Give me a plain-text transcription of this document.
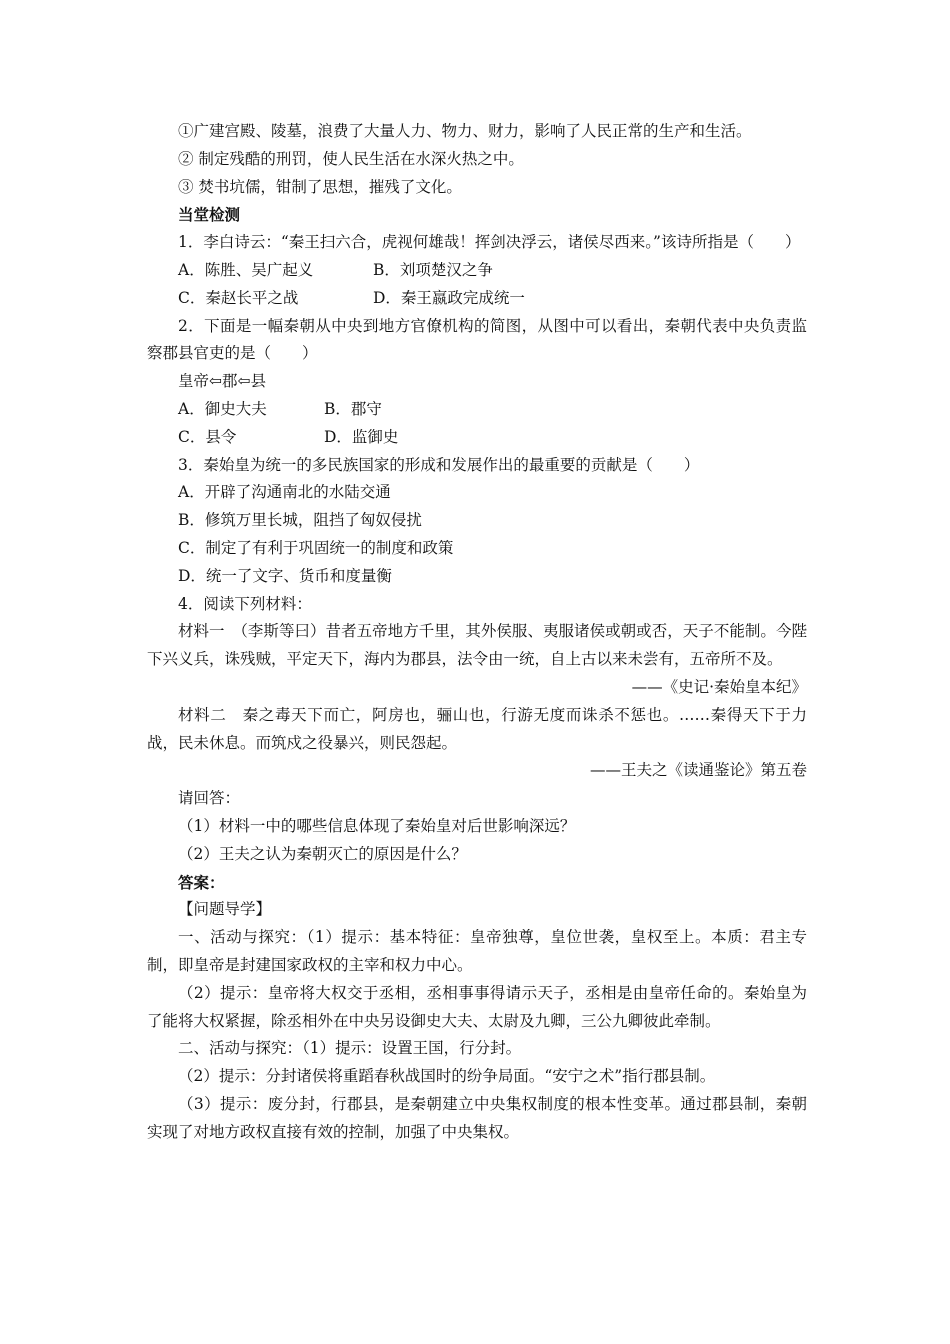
①广建宫殿、陵墓，浪费了大量人力、物力、财力，影响了人民正常的生产和生活。

② 制定残酷的刑罚，使人民生活在水深火热之中。

③ 焚书坑儒，钳制了思想，摧残了文化。

当堂检测

1．李白诗云：“秦王扫六合，虎视何雄哉！挥剑决浮云，诸侯尽西来。”该诗所指是（　　）

A．陈胜、吴广起义	B．刘项楚汉之争
C．秦赵长平之战	D．秦王嬴政完成统一

2．下面是一幅秦朝从中央到地方官僚机构的简图，从图中可以看出，秦朝代表中央负责监察郡县官吏的是（　　）

皇帝⇦郡⇦县

A．御史大夫	B．郡守
C．县令	D．监御史

3．秦始皇为统一的多民族国家的形成和发展作出的最重要的贡献是（　　）

A．开辟了沟通南北的水陆交通

B．修筑万里长城，阻挡了匈奴侵扰

C．制定了有利于巩固统一的制度和政策

D．统一了文字、货币和度量衡

4．阅读下列材料：

材料一　（李斯等曰）昔者五帝地方千里，其外侯服、夷服诸侯或朝或否，天子不能制。今陛下兴义兵，诛残贼，平定天下，海内为郡县，法令由一统，自上古以来未尝有，五帝所不及。

——《史记·秦始皇本纪》

材料二　秦之毒天下而亡，阿房也，骊山也，行游无度而诛杀不惩也。……秦得天下于力战，民未休息。而筑戍之役暴兴，则民怨起。

——王夫之《读通鉴论》第五卷

请回答：

（1）材料一中的哪些信息体现了秦始皇对后世影响深远？

（2）王夫之认为秦朝灭亡的原因是什么？

答案：

【问题导学】

一、活动与探究：（1）提示：基本特征：皇帝独尊，皇位世袭，皇权至上。本质：君主专制，即皇帝是封建国家政权的主宰和权力中心。

（2）提示：皇帝将大权交于丞相，丞相事事得请示天子，丞相是由皇帝任命的。秦始皇为了能将大权紧握，除丞相外在中央另设御史大夫、太尉及九卿，三公九卿彼此牵制。

二、活动与探究：（1）提示：设置王国，行分封。

（2）提示：分封诸侯将重蹈春秋战国时的纷争局面。“安宁之术”指行郡县制。

（3）提示：废分封，行郡县，是秦朝建立中央集权制度的根本性变革。通过郡县制，秦朝实现了对地方政权直接有效的控制，加强了中央集权。
